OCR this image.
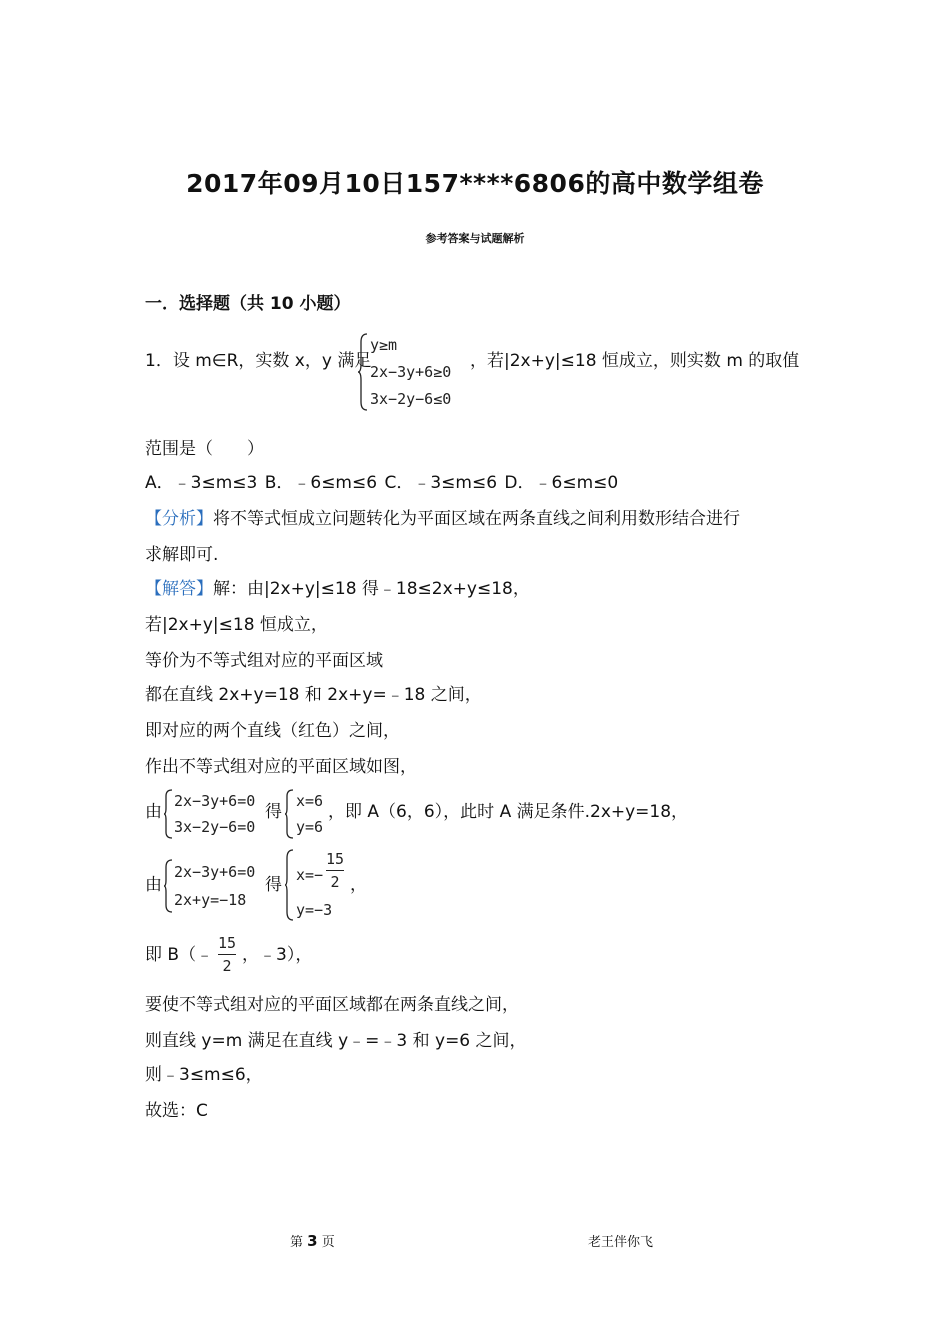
2017年09月10日157****6806的高中数学组卷
参考答案与试题解析
一．选择题（共 10 小题）
1．设 m∈R，实数 x，y 满足
y≥m
2x−3y+6≥0
3x−2y−6≤0
，若|2x+y|≤18 恒成立，则实数 m 的取值
范围是（　　）
A．﹣3≤m≤3 B．﹣6≤m≤6 C．﹣3≤m≤6 D．﹣6≤m≤0
【分析】将不等式恒成立问题转化为平面区域在两条直线之间利用数形结合进行
求解即可.
【解答】解：由|2x+y|≤18 得﹣18≤2x+y≤18，
若|2x+y|≤18 恒成立，
等价为不等式组对应的平面区域
都在直线 2x+y=18 和 2x+y=﹣18 之间，
即对应的两个直线（红色）之间，
作出不等式组对应的平面区域如图，
由
2x−3y+6=0
3x−2y−6=0
得
x=6
y=6
，即 A（6，6），此时 A 满足条件.2x+y=18，
由
2x−3y+6=0
2x+y=−18
得 x=−
15
2 ，
y=−3
即 B（﹣
15
2
，﹣3），
要使不等式组对应的平面区域都在两条直线之间，
则直线 y=m 满足在直线 y﹣=﹣3 和 y=6 之间，
则﹣3≤m≤6，
故选：C
第 3 页	老王伴你飞
